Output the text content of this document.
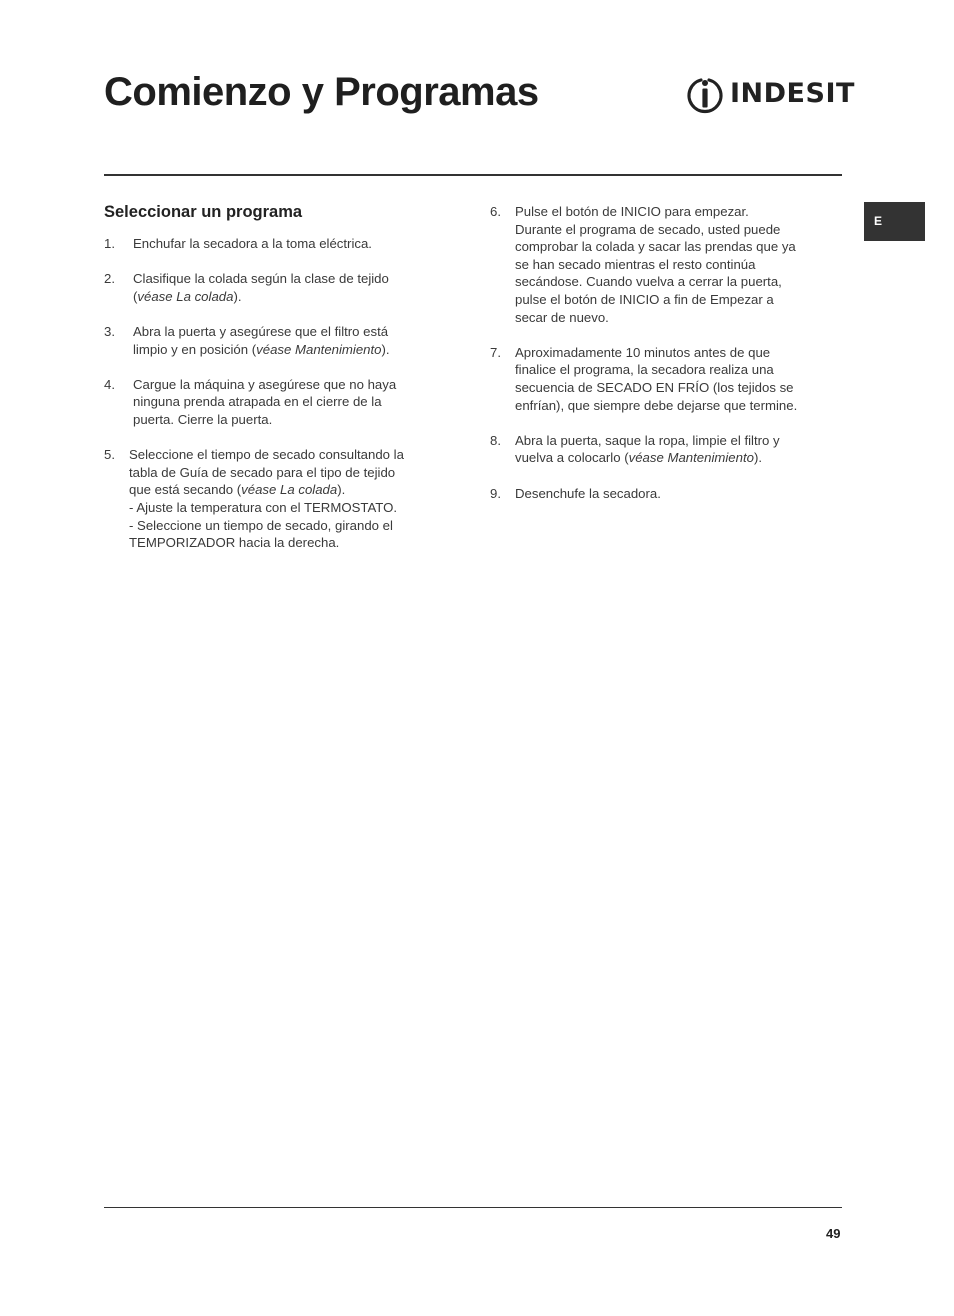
Comienzo y Programas	INDESIT
E
Seleccionar un programa
1. Enchufar la secadora a la toma eléctrica.
2. Clasifique la colada según la clase de tejido
(véase La colada).
3. Abra la puerta y asegúrese que el filtro está
limpio y en posición (véase Mantenimiento).
4. Cargue la máquina y asegúrese que no haya
ninguna prenda atrapada en el cierre de la
puerta. Cierre la puerta.
5. Seleccione el tiempo de secado consultando la
tabla de Guía de secado para el tipo de tejido
que está secando (véase La colada).
- Ajuste la temperatura con el TERMOSTATO.
- Seleccione un tiempo de secado, girando el
TEMPORIZADOR hacia la derecha.
6. Pulse el botón de INICIO para empezar.
Durante el programa de secado, usted puede
comprobar la colada y sacar las prendas que ya
se han secado mientras el resto continúa
secándose. Cuando vuelva a cerrar la puerta,
pulse el botón de INICIO a fin de Empezar a
secar de nuevo.
7. Aproximadamente 10 minutos antes de que
finalice el programa, la secadora realiza una
secuencia de SECADO EN FRÍO (los tejidos se
enfrían), que siempre debe dejarse que termine.
8. Abra la puerta, saque la ropa, limpie el filtro y
vuelva a colocarlo (véase Mantenimiento).
9. Desenchufe la secadora.
49
